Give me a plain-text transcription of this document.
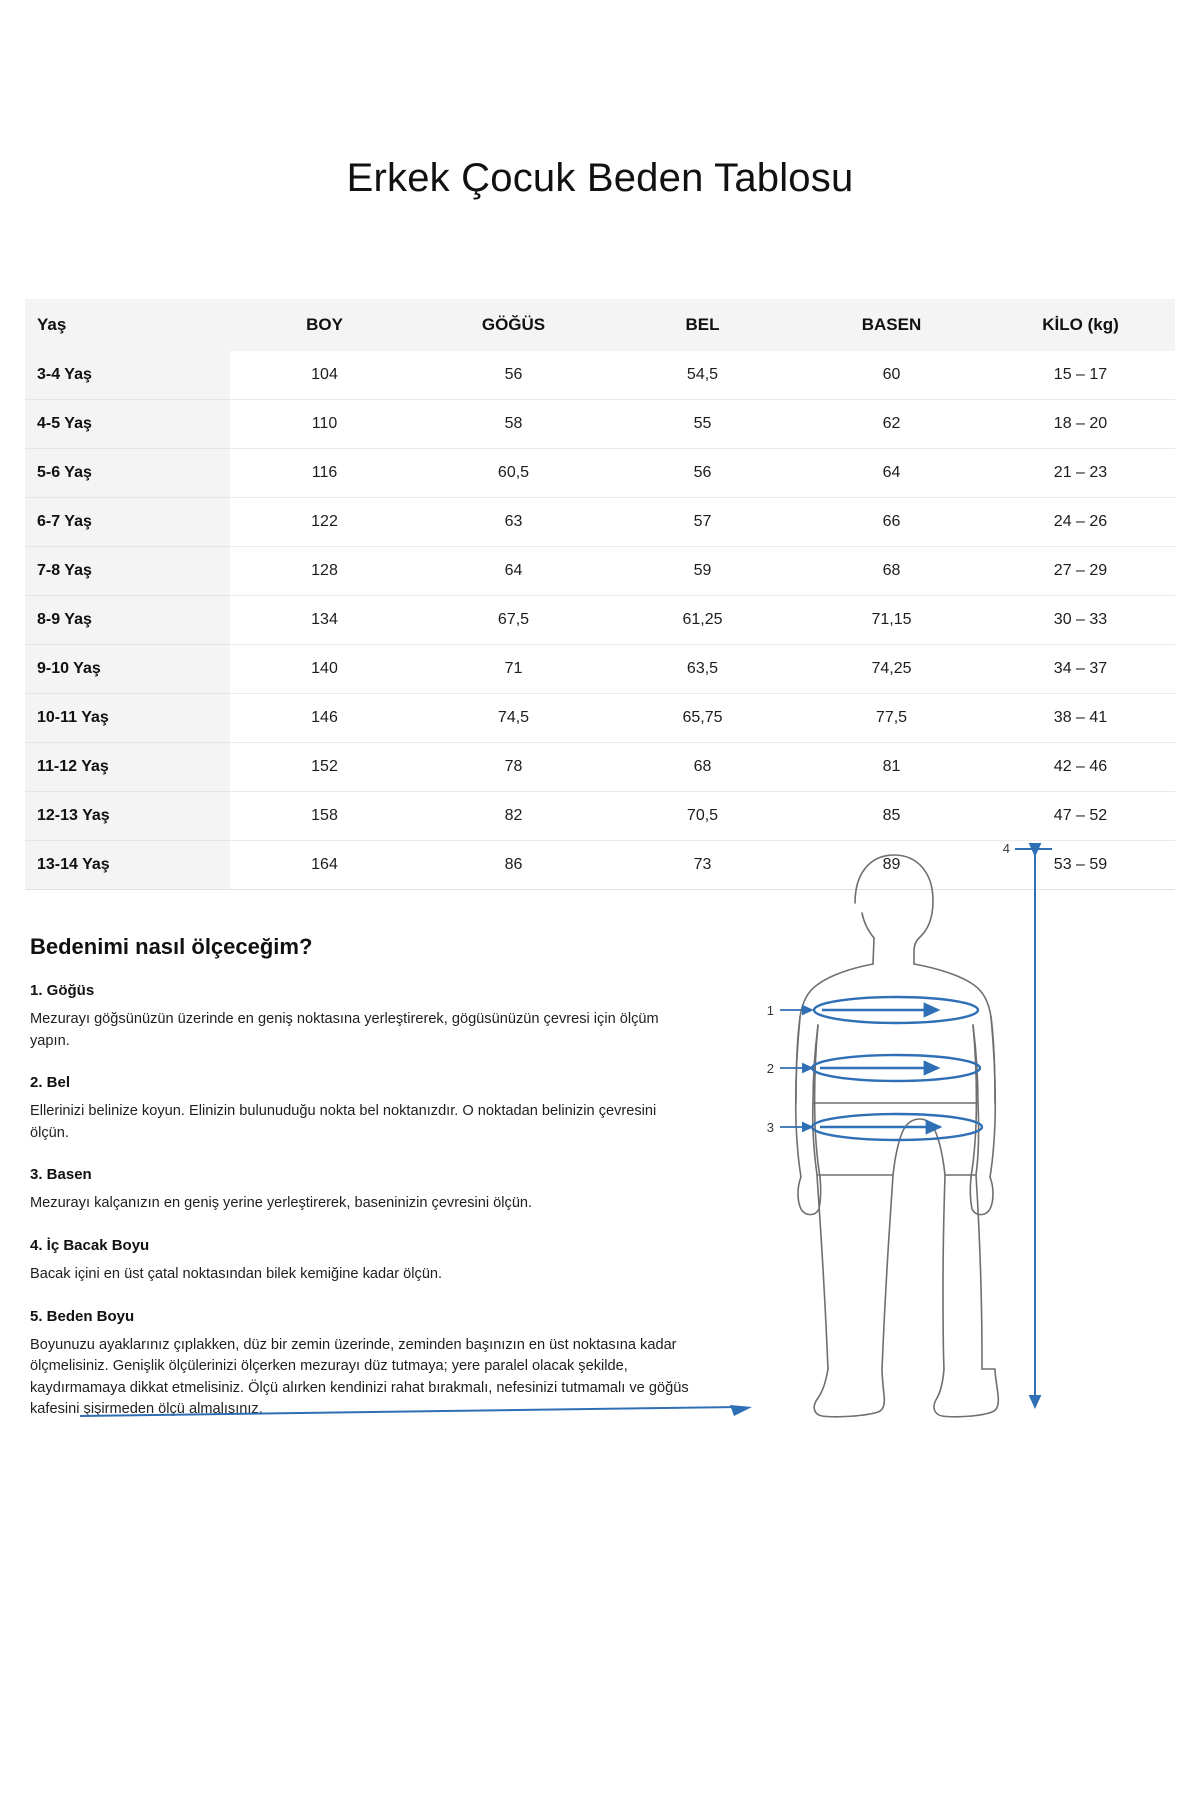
Erkek Çocuk Beden Tablosu
Yaş	BOY	GÖĞÜS	BEL	BASEN	KİLO (kg)
3-4 Yaş	104	56	54,5	60	15 – 17
4-5 Yaş	110	58	55	62	18 – 20
5-6 Yaş	116	60,5	56	64	21 – 23
6-7 Yaş	122	63	57	66	24 – 26
7-8 Yaş	128	64	59	68	27 – 29
8-9 Yaş	134	67,5	61,25	71,15	30 – 33
9-10 Yaş	140	71	63,5	74,25	34 – 37
10-11 Yaş	146	74,5	65,75	77,5	38 – 41
11-12 Yaş	152	78	68	81	42 – 46
12-13 Yaş	158	82	70,5	85	47 – 52
13-14 Yaş	164	86	73	89	53 – 59
Bedenimi nasıl ölçeceğim?
1. Göğüs

Mezurayı göğsünüzün üzerinde en geniş noktasına yerleştirerek, gögüsünüzün çevresi için ölçüm yapın.

2. Bel

Ellerinizi belinize koyun. Elinizin bulunuduğu nokta bel noktanızdır. O noktadan belinizin çevresini ölçün.

3. Basen

Mezurayı kalçanızın en geniş yerine yerleştirerek, baseninizin çevresini ölçün.

4. İç Bacak Boyu

Bacak içini en üst çatal noktasından bilek kemiğine kadar ölçün.

5. Beden Boyu

Boyunuzu ayaklarınız çıplakken, düz bir zemin üzerinde, zeminden başınızın en üst noktasına kadar ölçmelisiniz. Genişlik ölçülerinizi ölçerken mezurayı düz tutmaya; yere paralel olacak şekilde, kaydırmamaya dikkat etmelisiniz. Ölçü alırken kendinizi rahat bırakmalı, nefesinizi tutmamalı ve göğüs kafesini şişirmeden ölçü almalısınız.

1
2
3
4
